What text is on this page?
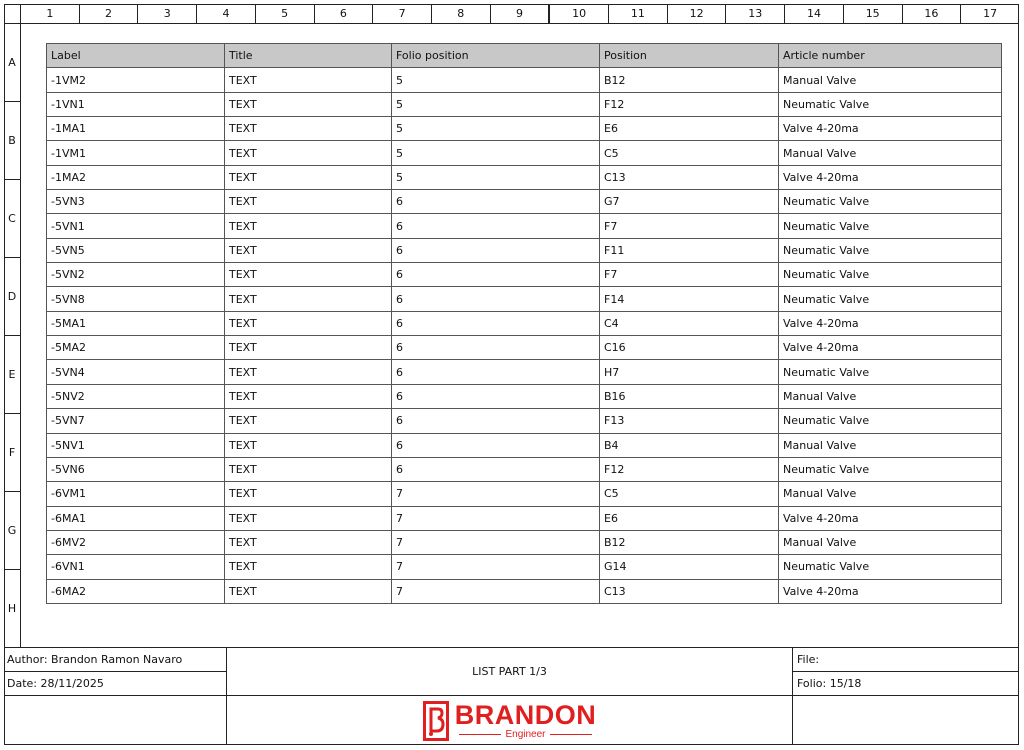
1	2	3	4	5	6	7	8	9	10	11	12	13	14	15	16	17
A
B
C
D
E
F
G
H
Label	Title	Folio position	Position	Article number
-1VM2	TEXT	5	B12	Manual Valve
-1VN1	TEXT	5	F12	Neumatic Valve
-1MA1	TEXT	5	E6	Valve 4-20ma
-1VM1	TEXT	5	C5	Manual Valve
-1MA2	TEXT	5	C13	Valve 4-20ma
-5VN3	TEXT	6	G7	Neumatic Valve
-5VN1	TEXT	6	F7	Neumatic Valve
-5VN5	TEXT	6	F11	Neumatic Valve
-5VN2	TEXT	6	F7	Neumatic Valve
-5VN8	TEXT	6	F14	Neumatic Valve
-5MA1	TEXT	6	C4	Valve 4-20ma
-5MA2	TEXT	6	C16	Valve 4-20ma
-5VN4	TEXT	6	H7	Neumatic Valve
-5NV2	TEXT	6	B16	Manual Valve
-5VN7	TEXT	6	F13	Neumatic Valve
-5NV1	TEXT	6	B4	Manual Valve
-5VN6	TEXT	6	F12	Neumatic Valve
-6VM1	TEXT	7	C5	Manual Valve
-6MA1	TEXT	7	E6	Valve 4-20ma
-6MV2	TEXT	7	B12	Manual Valve
-6VN1	TEXT	7	G14	Neumatic Valve
-6MA2	TEXT	7	C13	Valve 4-20ma
Author: Brandon Ramon Navaro
Date: 28/11/2025
LIST PART 1/3
File:
Folio: 15/18
BRANDON
Engineer
